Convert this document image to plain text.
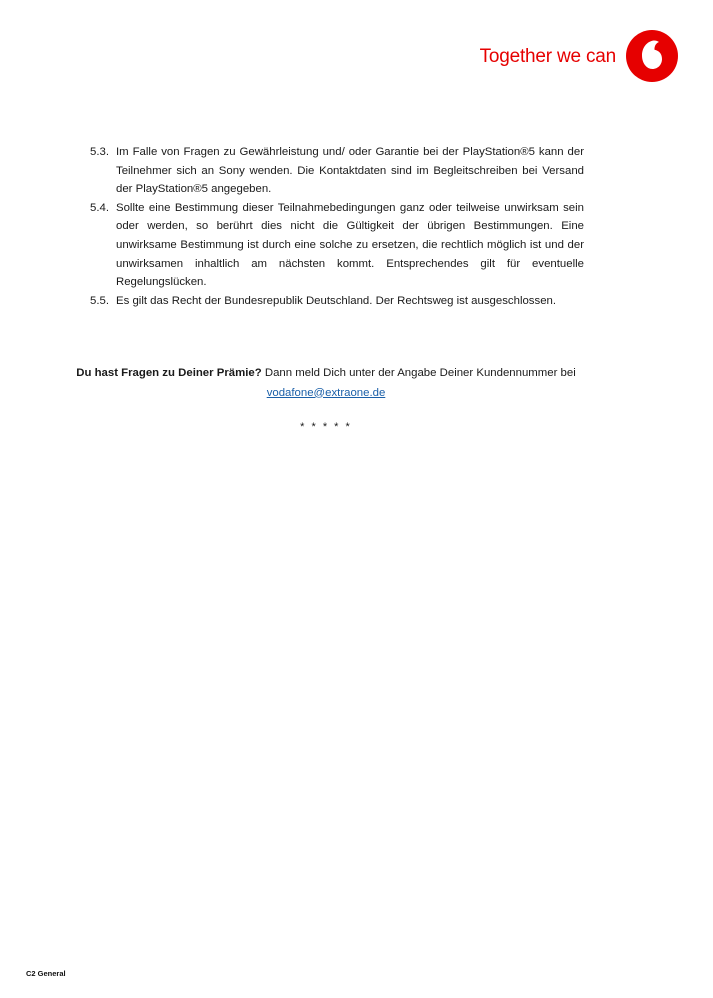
Together we can
5.3. Im Falle von Fragen zu Gewährleistung und/ oder Garantie bei der PlayStation®5 kann der Teilnehmer sich an Sony wenden. Die Kontaktdaten sind im Begleitschreiben bei Versand der PlayStation®5 angegeben.
5.4. Sollte eine Bestimmung dieser Teilnahmebedingungen ganz oder teilweise unwirksam sein oder werden, so berührt dies nicht die Gültigkeit der übrigen Bestimmungen. Eine unwirksame Bestimmung ist durch eine solche zu ersetzen, die rechtlich möglich ist und der unwirksamen inhaltlich am nächsten kommt. Entsprechendes gilt für eventuelle Regelungslücken.
5.5. Es gilt das Recht der Bundesrepublik Deutschland. Der Rechtsweg ist ausgeschlossen.
Du hast Fragen zu Deiner Prämie? Dann meld Dich unter der Angabe Deiner Kundennummer bei
vodafone@extraone.de
* * * * *
C2 General
